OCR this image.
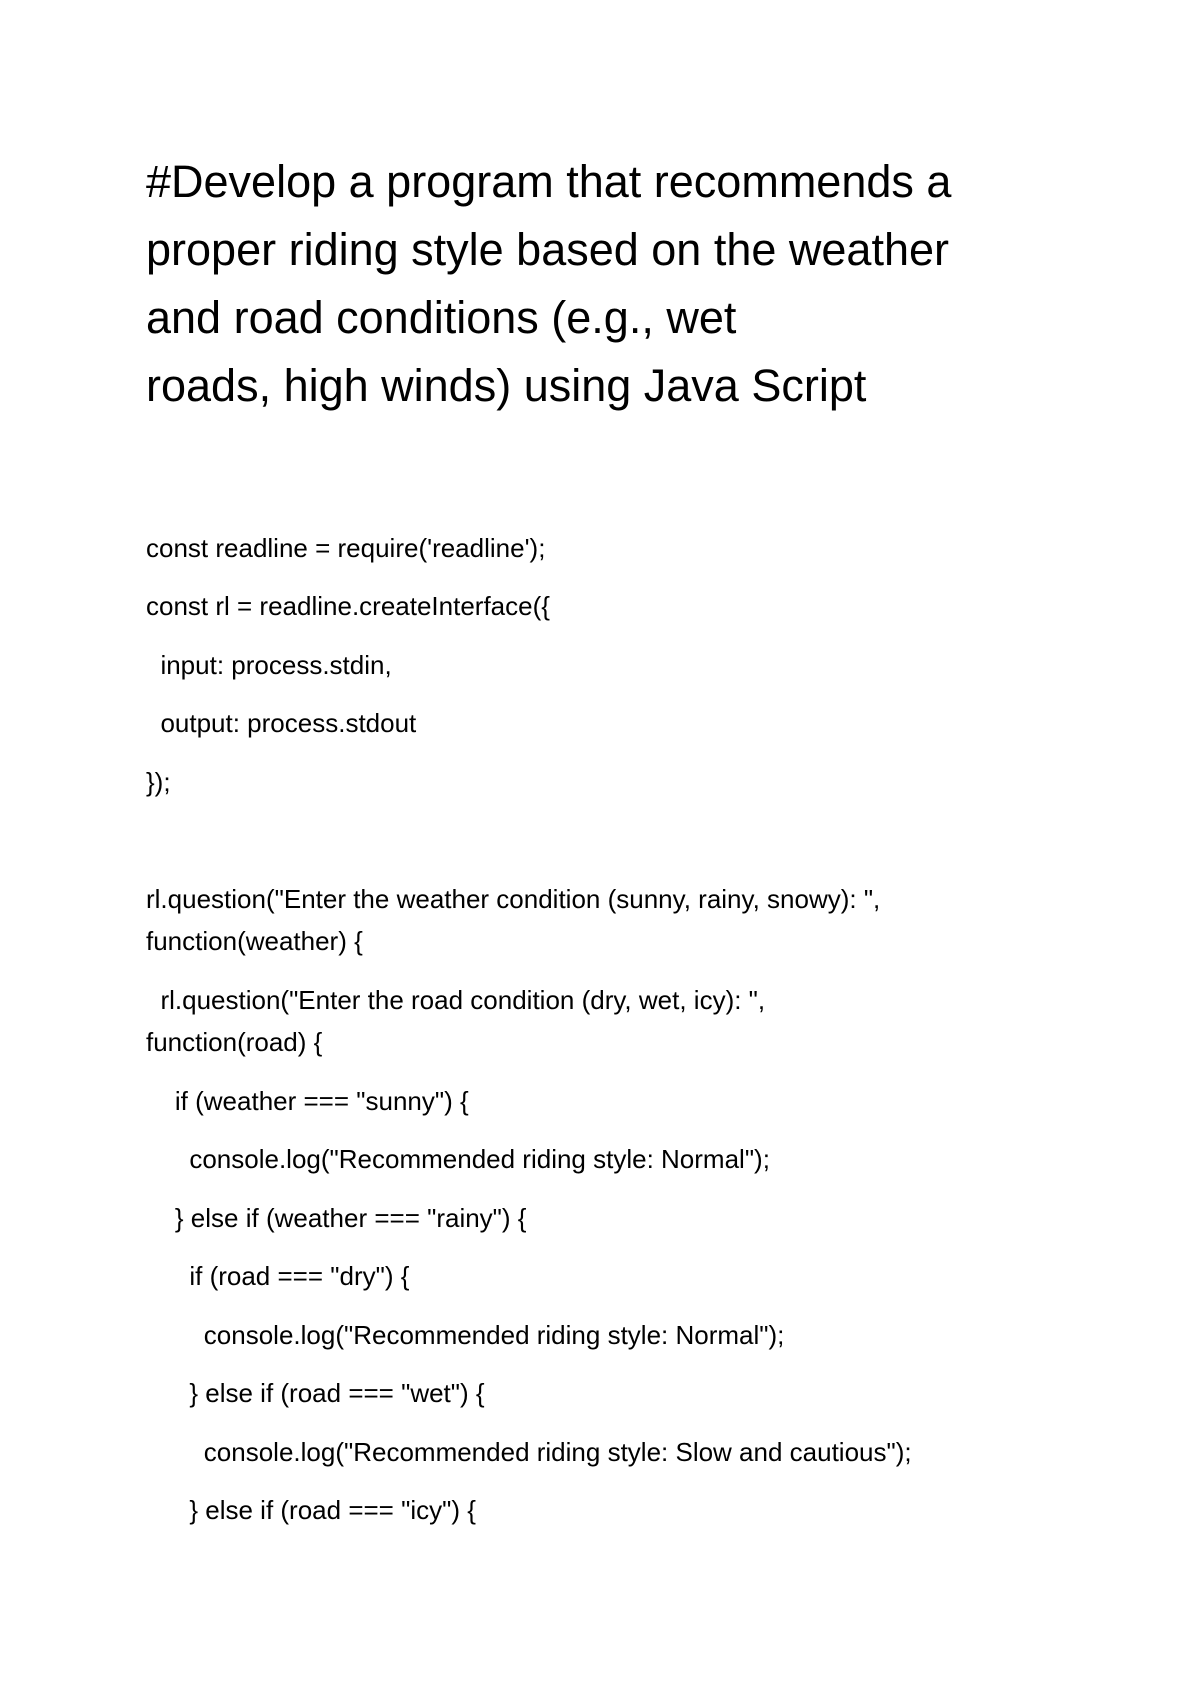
#Develop a program that recommends a
proper riding style based on the weather
and road conditions (e.g., wet
roads, high winds) using Java Script
const readline = require('readline');
const rl = readline.createInterface({
input: process.stdin,
output: process.stdout
});
rl.question("Enter the weather condition (sunny, rainy, snowy): ",
function(weather) {
rl.question("Enter the road condition (dry, wet, icy): ",
function(road) {
if (weather === "sunny") {
console.log("Recommended riding style: Normal");
} else if (weather === "rainy") {
if (road === "dry") {
console.log("Recommended riding style: Normal");
} else if (road === "wet") {
console.log("Recommended riding style: Slow and cautious");
} else if (road === "icy") {
